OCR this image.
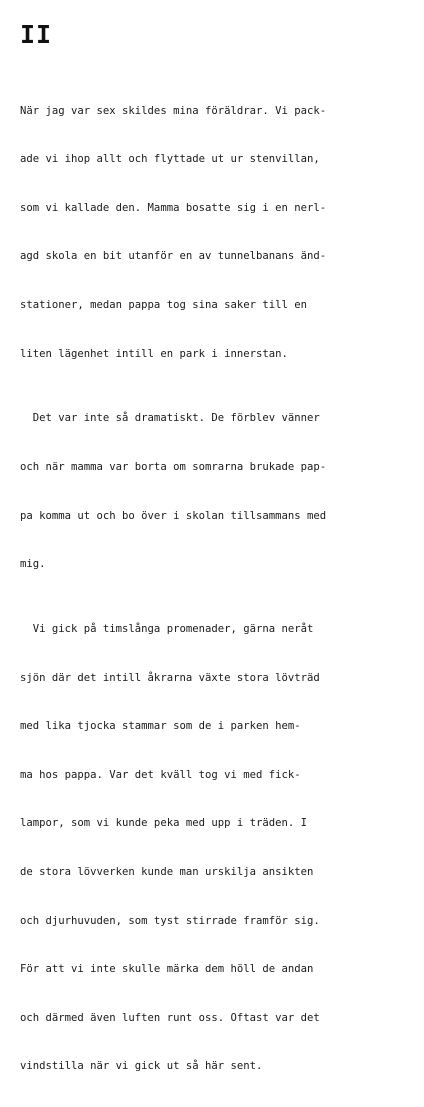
II

När jag var sex skildes mina föräldrar. Vi pack-

ade vi ihop allt och flyttade ut ur stenvillan,

som vi kallade den. Mamma bosatte sig i en nerl-

agd skola en bit utanför en av tunnelbanans änd-

stationer, medan pappa tog sina saker till en

liten lägenhet intill en park i innerstan.

Det var inte så dramatiskt. De förblev vänner

och när mamma var borta om somrarna brukade pap-

pa komma ut och bo över i skolan tillsammans med

mig.

Vi gick på timslånga promenader, gärna neråt

sjön där det intill åkrarna växte stora lövträd

med lika tjocka stammar som de i parken hem-

ma hos pappa. Var det kväll tog vi med fick-

lampor, som vi kunde peka med upp i träden. I

de stora lövverken kunde man urskilja ansikten

och djurhuvuden, som tyst stirrade framför sig.

För att vi inte skulle märka dem höll de andan

och därmed även luften runt oss. Oftast var det

vindstilla när vi gick ut så här sent.
